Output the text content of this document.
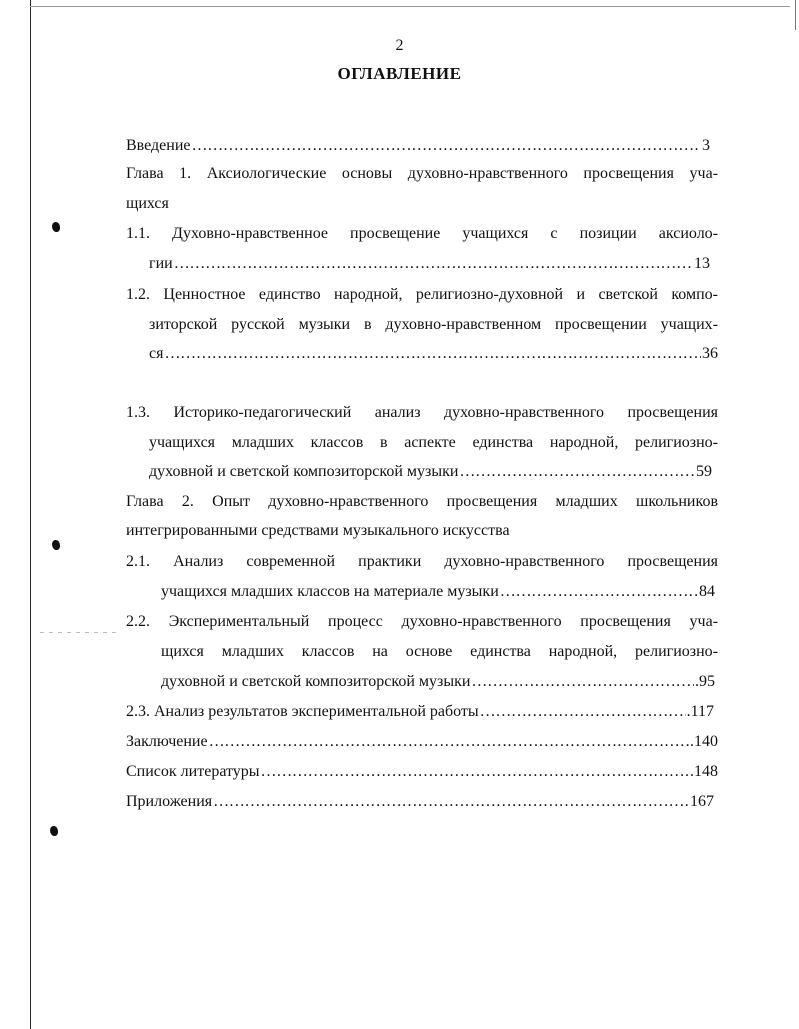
2
ОГЛАВЛЕНИЕ
Введение ……………………………………………………………………………………………………………………………………………………………	3
Глава 1. Аксиологические основы духовно-нравственного просвещения уча-
щихся
1.1. Духовно-нравственное просвещение учащихся с позиции аксиоло-
гии ……………………………………………………………………………………………………………………………………………………………	13
1.2. Ценностное единство народной, религиозно-духовной и светской компо-
зиторской русской музыки в духовно-нравственном просвещении учащих-
ся ……………………………………………………………………………………………………………………………………………………………	36
1.3. Историко-педагогический анализ духовно-нравственного просвещения
учащихся младших классов в аспекте единства народной, религиозно-
духовной и светской композиторской музыки ……………………………………………………………………………………………………………………………………………………………	59
Глава 2. Опыт духовно-нравственного просвещения младших школьников
интегрированными средствами музыкального искусства
2.1. Анализ современной практики духовно-нравственного просвещения
учащихся младших классов на материале музыки ……………………………………………………………………………………………………………………………………………………………	84
2.2. Экспериментальный процесс духовно-нравственного просвещения уча-
щихся младших классов на основе единства народной, религиозно-
духовной и светской композиторской музыки ……………………………………………………………………………………………………………………………………………………………	.95
2.3. Анализ результатов экспериментальной работы ……………………………………………………………………………………………………………………………………………………………	.117
Заключение ……………………………………………………………………………………………………………………………………………………………	.140
Список литературы ……………………………………………………………………………………………………………………………………………………………	.148
Приложения ……………………………………………………………………………………………………………………………………………………………	167
